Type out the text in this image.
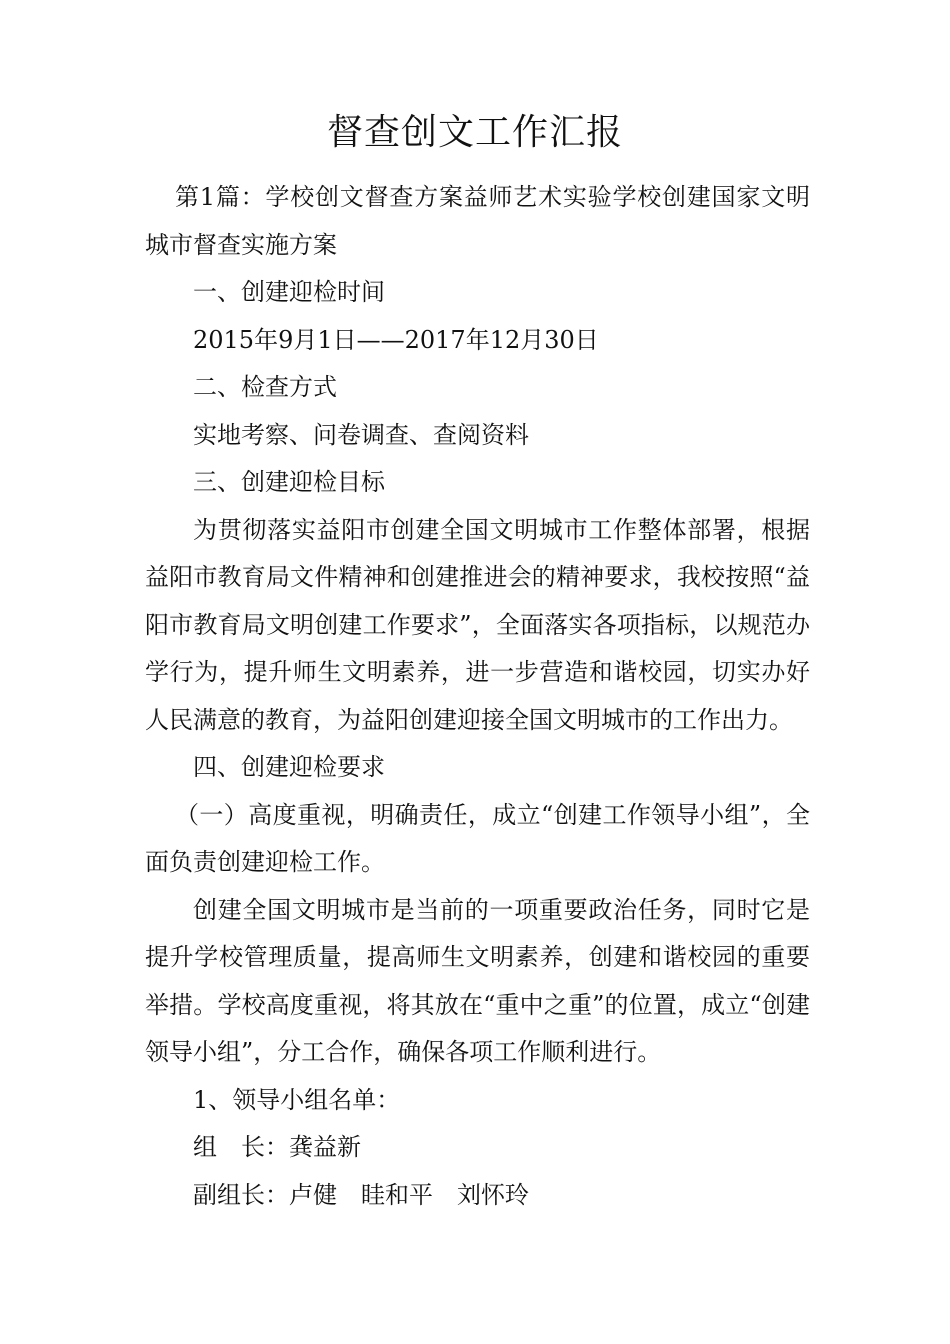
督查创文工作汇报

第1篇：学校创文督查方案益师艺术实验学校创建国家文明城市督查实施方案

一、创建迎检时间

2015年9月1日——2017年12月30日

二、检查方式

实地考察、问卷调查、查阅资料

三、创建迎检目标

为贯彻落实益阳市创建全国文明城市工作整体部署，根据益阳市教育局文件精神和创建推进会的精神要求，我校按照“益阳市教育局文明创建工作要求”，全面落实各项指标，以规范办学行为，提升师生文明素养，进一步营造和谐校园，切实办好人民满意的教育，为益阳创建迎接全国文明城市的工作出力。

四、创建迎检要求

（一）高度重视，明确责任，成立“创建工作领导小组”，全面负责创建迎检工作。

创建全国文明城市是当前的一项重要政治任务，同时它是提升学校管理质量，提高师生文明素养，创建和谐校园的重要举措。学校高度重视，将其放在“重中之重”的位置，成立“创建领导小组”，分工合作，确保各项工作顺利进行。

1、领导小组名单：

组　长：龚益新

副组长：卢健　眭和平　刘怀玲
